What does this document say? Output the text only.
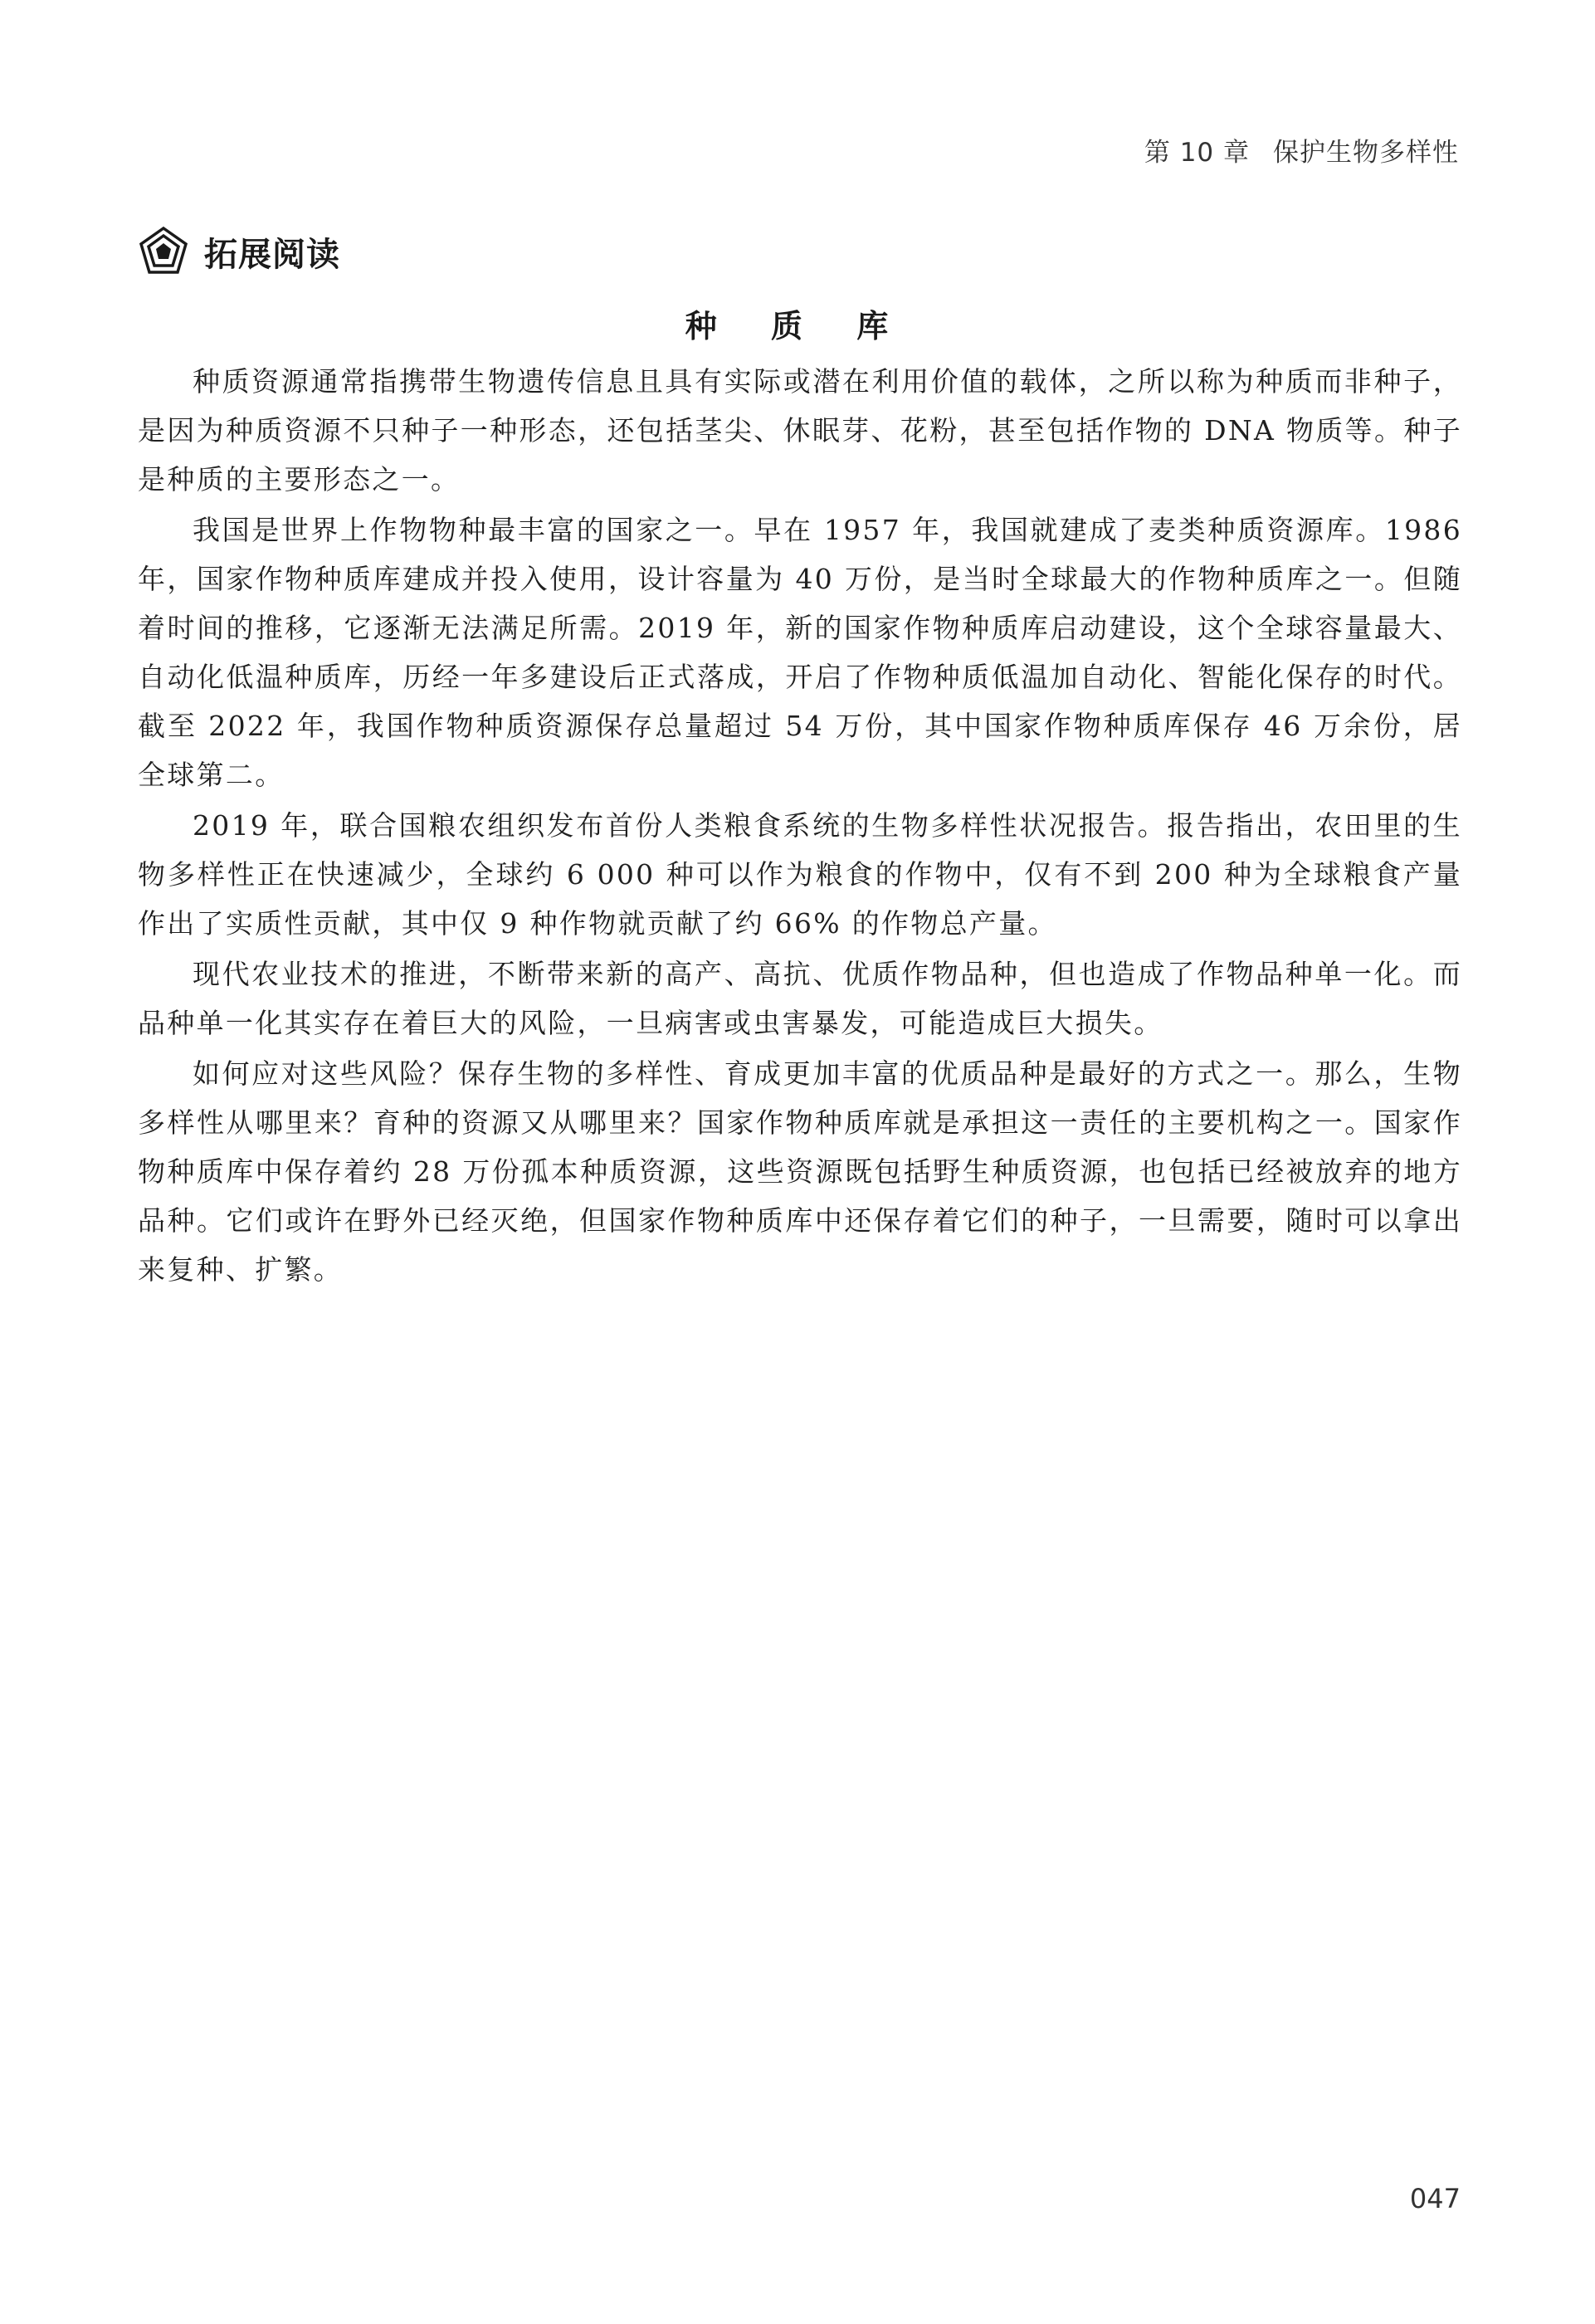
第 10 章 保护生物多样性
拓展阅读
种 质 库

种质资源通常指携带生物遗传信息且具有实际或潜在利用价值的载体，之所以称为种质而非种子，是因为种质资源不只种子一种形态，还包括茎尖、休眠芽、花粉，甚至包括作物的 DNA 物质等。种子是种质的主要形态之一。

我国是世界上作物物种最丰富的国家之一。早在 1957 年，我国就建成了麦类种质资源库。1986 年，国家作物种质库建成并投入使用，设计容量为 40 万份，是当时全球最大的作物种质库之一。但随着时间的推移，它逐渐无法满足所需。2019 年，新的国家作物种质库启动建设，这个全球容量最大、自动化低温种质库，历经一年多建设后正式落成，开启了作物种质低温加自动化、智能化保存的时代。截至 2022 年，我国作物种质资源保存总量超过 54 万份，其中国家作物种质库保存 46 万余份，居全球第二。

2019 年，联合国粮农组织发布首份人类粮食系统的生物多样性状况报告。报告指出，农田里的生物多样性正在快速减少，全球约 6 000 种可以作为粮食的作物中，仅有不到 200 种为全球粮食产量作出了实质性贡献，其中仅 9 种作物就贡献了约 66% 的作物总产量。

现代农业技术的推进，不断带来新的高产、高抗、优质作物品种，但也造成了作物品种单一化。而品种单一化其实存在着巨大的风险，一旦病害或虫害暴发，可能造成巨大损失。

如何应对这些风险？保存生物的多样性、育成更加丰富的优质品种是最好的方式之一。那么，生物多样性从哪里来？育种的资源又从哪里来？国家作物种质库就是承担这一责任的主要机构之一。国家作物种质库中保存着约 28 万份孤本种质资源，这些资源既包括野生种质资源，也包括已经被放弃的地方品种。它们或许在野外已经灭绝，但国家作物种质库中还保存着它们的种子，一旦需要，随时可以拿出来复种、扩繁。

047
